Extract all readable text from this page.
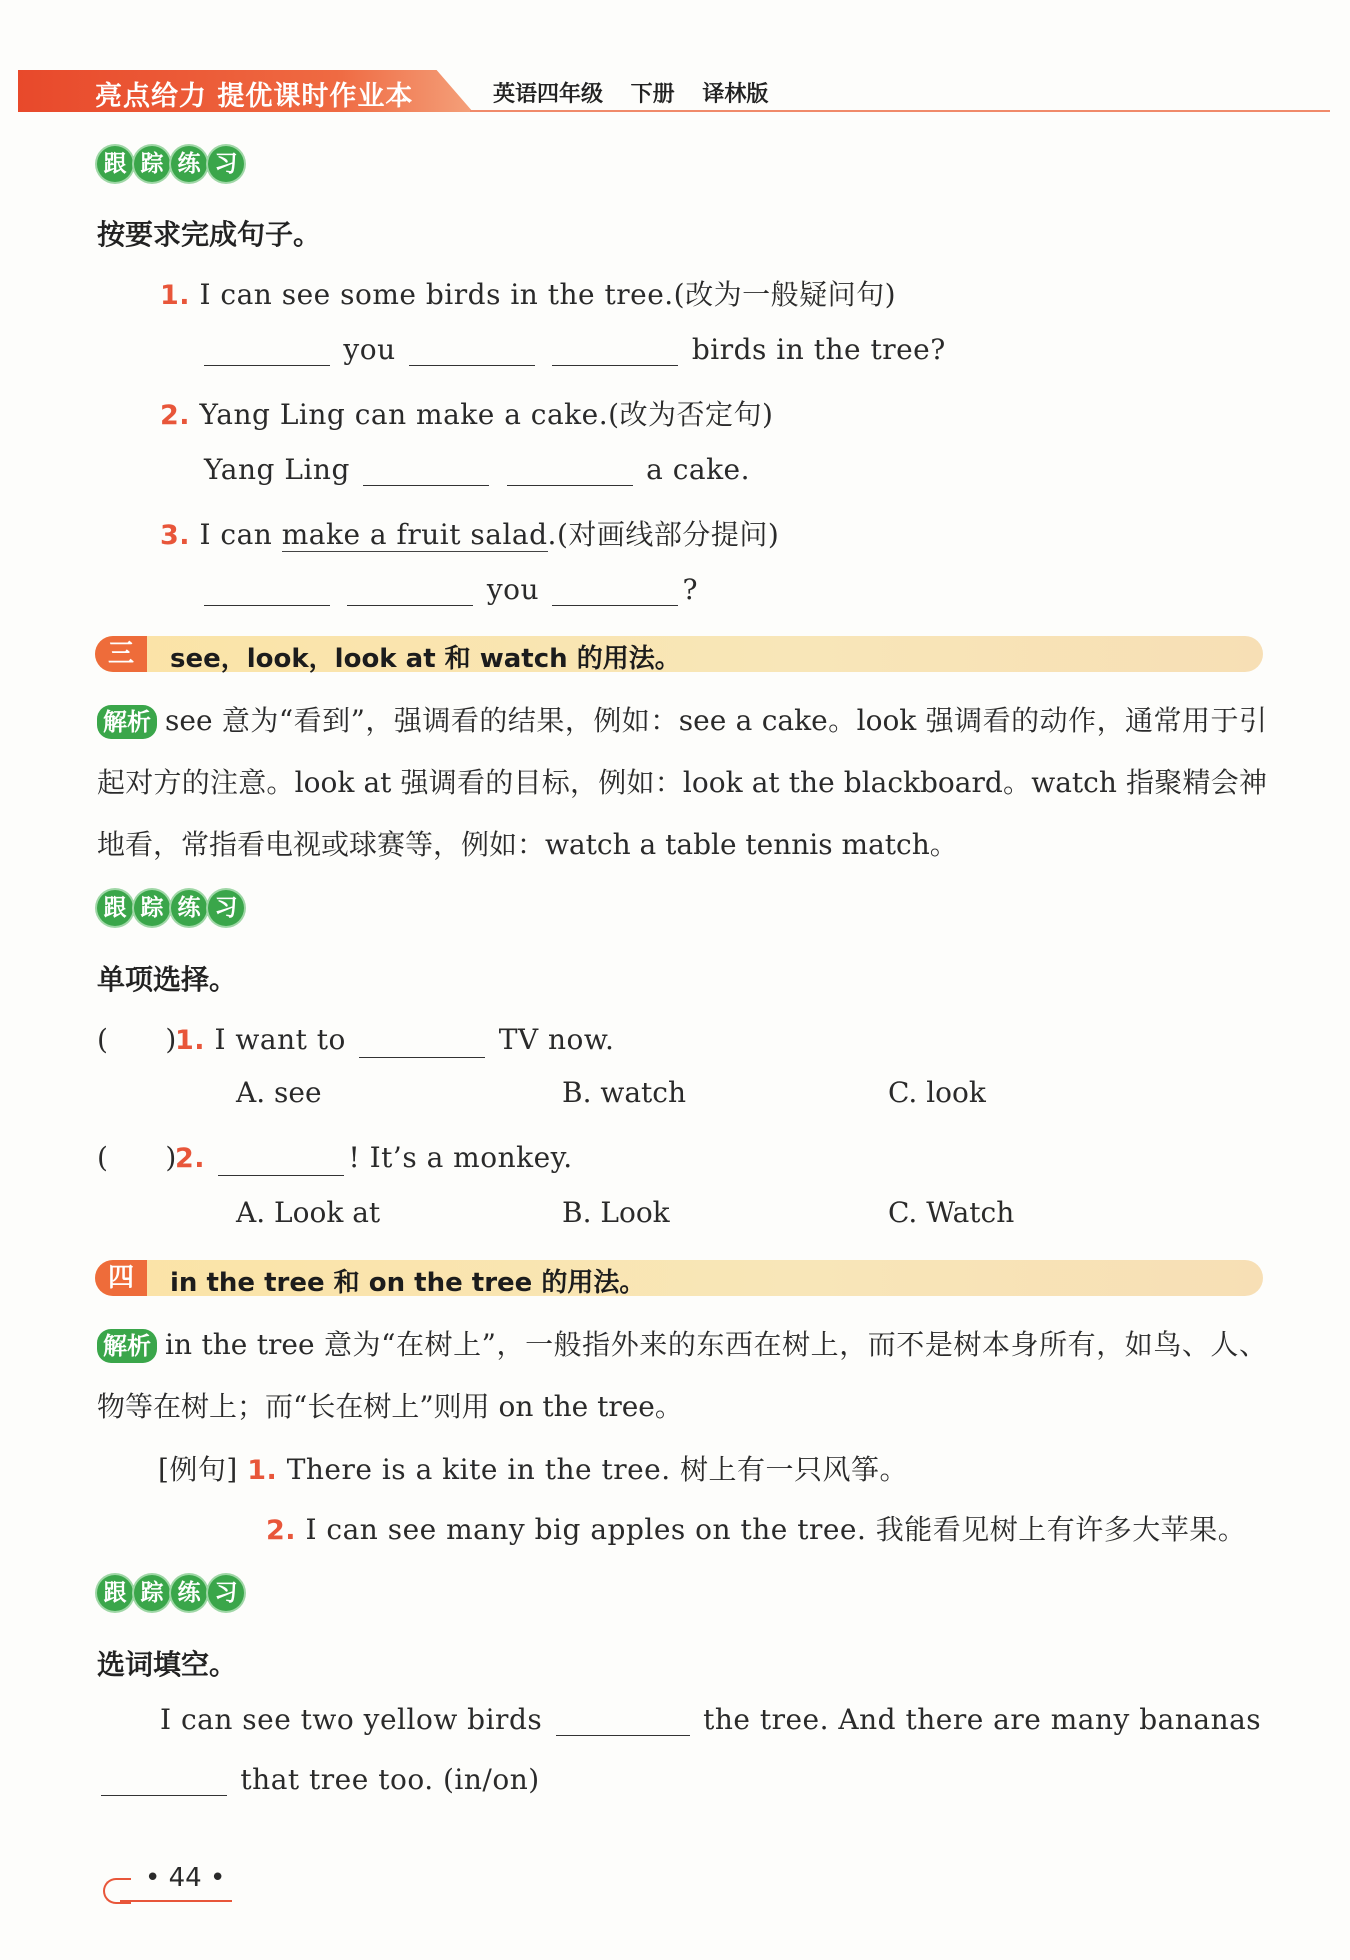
亮点给力 提优课时作业本	英语四年级 下册 译林版
跟 踪 练 习
按要求完成句子。
1. I can see some birds in the tree.(改为一般疑问句)
you	birds in the tree?
2. Yang Ling can make a cake.(改为否定句)
Yang Ling	a cake.
3. I can make a fruit salad.(对画线部分提问)
you	?
三	see，look，look at 和 watch 的用法。
解析 see 意为“看到”，强调看的结果，例如：see a cake。look 强调看的动作，通常用于引起对方的注意。look at 强调看的目标，例如：look at the blackboard。watch 指聚精会神地看，常指看电视或球赛等，例如：watch a table tennis match。
跟 踪 练 习
单项选择。
(　　)1. I want to	TV now.
A. see	B. watch	C. look
(　　)2.	! It’s a monkey.
A. Look at	B. Look	C. Watch
四	in the tree 和 on the tree 的用法。
解析 in the tree 意为“在树上”，一般指外来的东西在树上，而不是树本身所有，如鸟、人、物等在树上；而“长在树上”则用 on the tree。
[例句] 1. There is a kite in the tree. 树上有一只风筝。
2. I can see many big apples on the tree. 我能看见树上有许多大苹果。
跟 踪 练 习
选词填空。
I can see two yellow birds	the tree. And there are many bananas
that tree too. (in/on)
• 44 •
